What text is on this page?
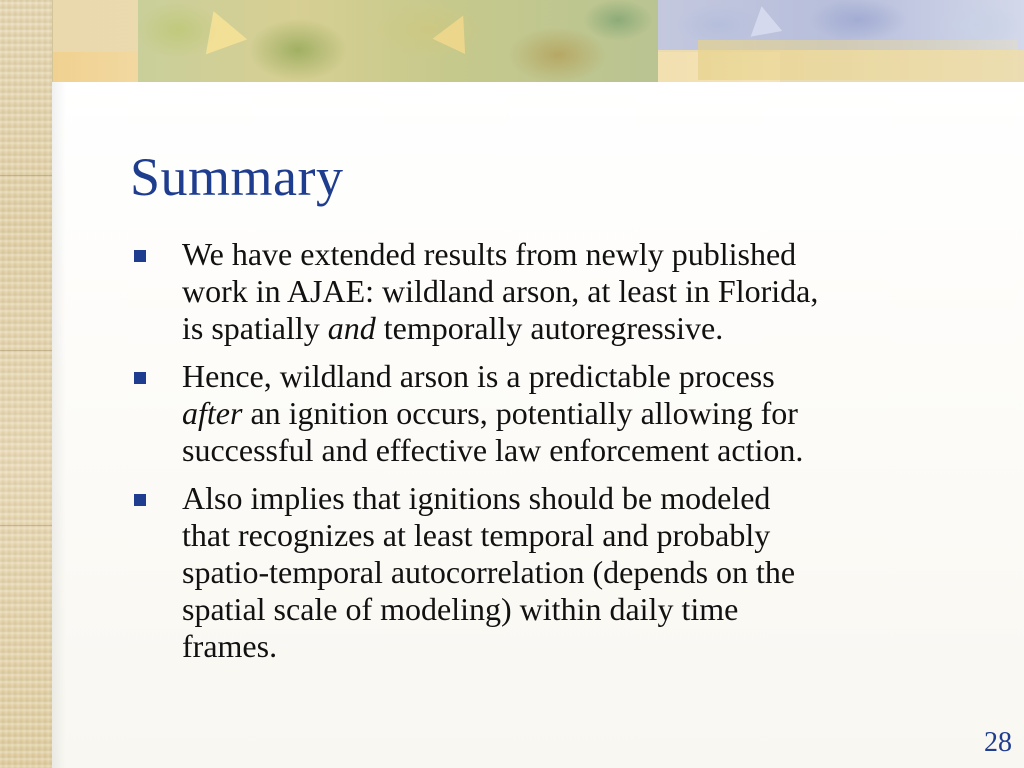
Summary
We have extended results from newly published
work in AJAE: wildland arson, at least in Florida,
is spatially and temporally autoregressive.
Hence, wildland arson is a predictable process
after an ignition occurs, potentially allowing for
successful and effective law enforcement action.
Also implies that ignitions should be modeled
that recognizes at least temporal and probably
spatio-temporal autocorrelation (depends on the
spatial scale of modeling) within daily time
frames.
28
